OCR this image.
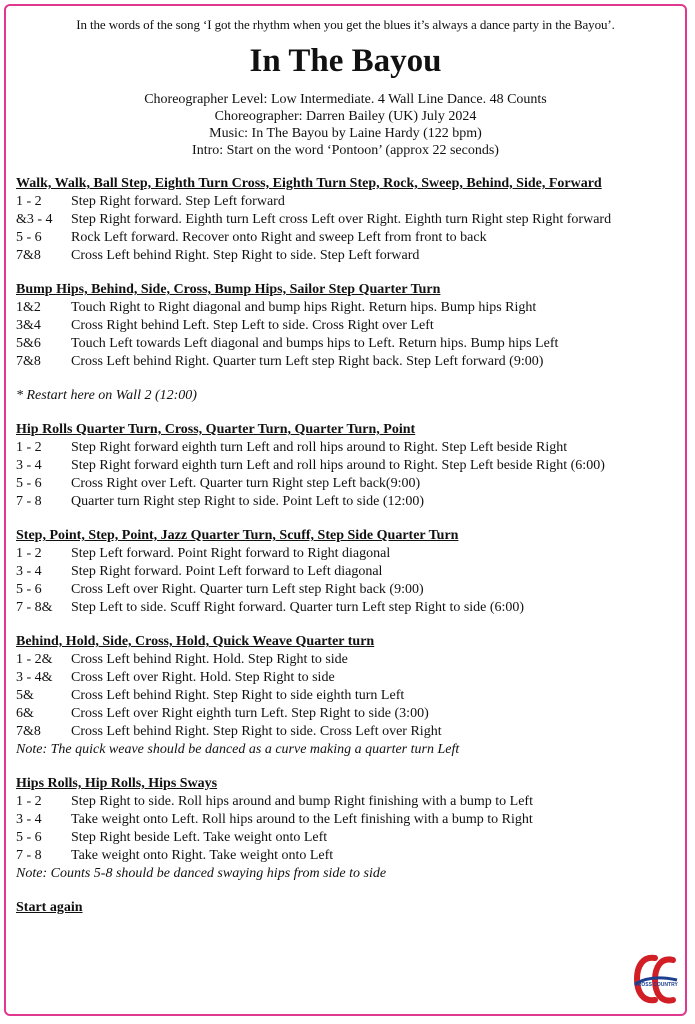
In the words of the song ‘I got the rhythm when you get the blues it’s always a dance party in the Bayou’.
In The Bayou
Choreographer Level: Low Intermediate. 4 Wall Line Dance. 48 Counts
Choreographer: Darren Bailey (UK) July 2024
Music: In The Bayou by Laine Hardy (122 bpm)
Intro: Start on the word ‘Pontoon’ (approx 22 seconds)
Walk, Walk, Ball Step, Eighth Turn Cross, Eighth Turn Step, Rock, Sweep, Behind, Side, Forward
1 - 2	Step Right forward. Step Left forward
&3 - 4	Step Right forward. Eighth turn Left cross Left over Right. Eighth turn Right step Right forward
5 - 6	Rock Left forward. Recover onto Right and sweep Left from front to back
7&8	Cross Left behind Right. Step Right to side. Step Left forward
Bump Hips, Behind, Side, Cross, Bump Hips, Sailor Step Quarter Turn
1&2	Touch Right to Right diagonal and bump hips Right. Return hips. Bump hips Right
3&4	Cross Right behind Left. Step Left to side. Cross Right over Left
5&6	Touch Left towards Left diagonal and bumps hips to Left. Return hips. Bump hips Left
7&8	Cross Left behind Right. Quarter turn Left step Right back. Step Left forward (9:00)
* Restart here on Wall 2 (12:00)
Hip Rolls Quarter Turn, Cross, Quarter Turn, Quarter Turn, Point
1 - 2	Step Right forward eighth turn Left and roll hips around to Right. Step Left beside Right
3 - 4	Step Right forward eighth turn Left and roll hips around to Right. Step Left beside Right (6:00)
5 - 6	Cross Right over Left. Quarter turn Right step Left back(9:00)
7 - 8	Quarter turn Right step Right to side. Point Left to side (12:00)
Step, Point, Step, Point, Jazz Quarter Turn, Scuff, Step Side Quarter Turn
1 - 2	Step Left forward. Point Right forward to Right diagonal
3 - 4	Step Right forward. Point Left forward to Left diagonal
5 - 6	Cross Left over Right. Quarter turn Left step Right back (9:00)
7 - 8&	Step Left to side. Scuff Right forward. Quarter turn Left step Right to side (6:00)
Behind, Hold, Side, Cross, Hold, Quick Weave Quarter turn
1 - 2&	Cross Left behind Right. Hold. Step Right to side
3 - 4&	Cross Left over Right. Hold. Step Right to side
5&	Cross Left behind Right. Step Right to side eighth turn Left
6&	Cross Left over Right eighth turn Left. Step Right to side (3:00)
7&8	Cross Left behind Right. Step Right to side. Cross Left over Right
Note: The quick weave should be danced as a curve making a quarter turn Left
Hips Rolls, Hip Rolls, Hips Sways
1 - 2	Step Right to side. Roll hips around and bump Right finishing with a bump to Left
3 - 4	Take weight onto Left. Roll hips around to the Left finishing with a bump to Right
5 - 6	Step Right beside Left. Take weight onto Left
7 - 8	Take weight onto Right. Take weight onto Left
Note: Counts 5-8 should be danced swaying hips from side to side
Start again
CROSS COUNTRY
